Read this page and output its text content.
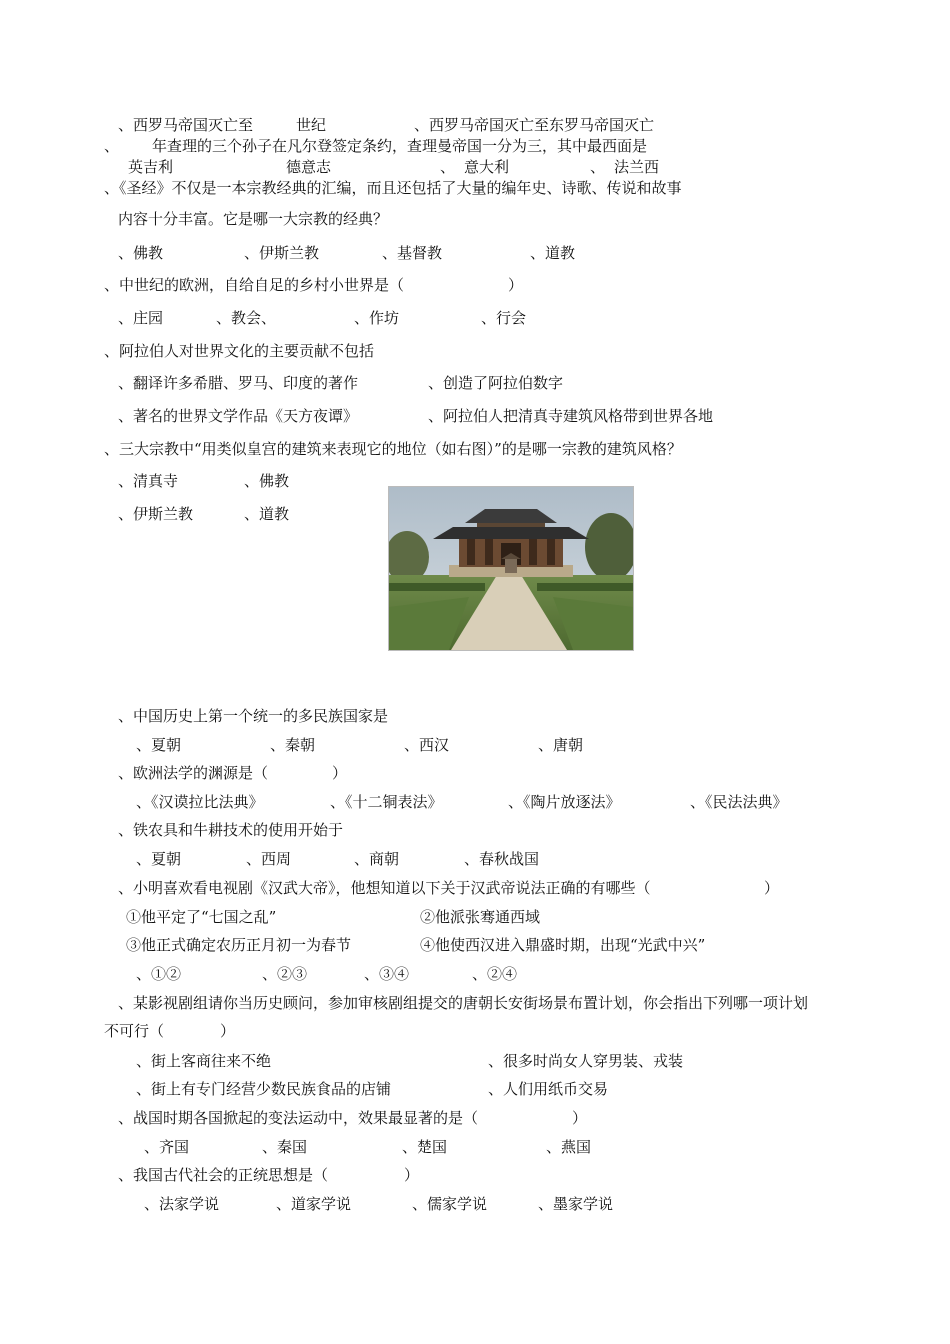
、西罗马帝国灭亡至	世纪	、西罗马帝国灭亡至东罗马帝国灭亡
、 年查理的三个孙子在凡尔登签定条约，查理曼帝国一分为三，其中最西面是
英吉利	德意志	、 意大利	、 法兰西
、《圣经》不仅是一本宗教经典的汇编，而且还包括了大量的编年史、诗歌、传说和故事
内容十分丰富。它是哪一大宗教的经典？
、佛教	、伊斯兰教	、基督教	、道教
、中世纪的欧洲，自给自足的乡村小世界是（	）
、庄园	、教会、	、作坊	、行会
、阿拉伯人对世界文化的主要贡献不包括
、翻译许多希腊、罗马、印度的著作	、创造了阿拉伯数字
、著名的世界文学作品《天方夜谭》	、阿拉伯人把清真寺建筑风格带到世界各地
、三大宗教中“用类似皇宫的建筑来表现它的地位（如右图）”的是哪一宗教的建筑风格？
、清真寺	、佛教
、伊斯兰教	、道教
、中国历史上第一个统一的多民族国家是
、夏朝	、秦朝	、西汉	、唐朝
、欧洲法学的渊源是（	）
、《汉谟拉比法典》	、《十二铜表法》	、《陶片放逐法》	、《民法法典》
、铁农具和牛耕技术的使用开始于
、夏朝	、西周	、商朝	、春秋战国
、小明喜欢看电视剧《汉武大帝》，他想知道以下关于汉武帝说法正确的有哪些（	）
①他平定了“七国之乱”	②他派张骞通西域
③他正式确定农历正月初一为春节	④他使西汉进入鼎盛时期，出现“光武中兴”
、①②	、②③	、③④	、②④
、某影视剧组请你当历史顾问，参加审核剧组提交的唐朝长安街场景布置计划，你会指出下列哪一项计划
不可行（	）
、街上客商往来不绝	、很多时尚女人穿男装、戎装
、街上有专门经营少数民族食品的店铺	、人们用纸币交易
、战国时期各国掀起的变法运动中，效果最显著的是（	）
、齐国	、秦国	、楚国	、燕国
、我国古代社会的正统思想是（	）
、法家学说	、道家学说	、儒家学说	、墨家学说
